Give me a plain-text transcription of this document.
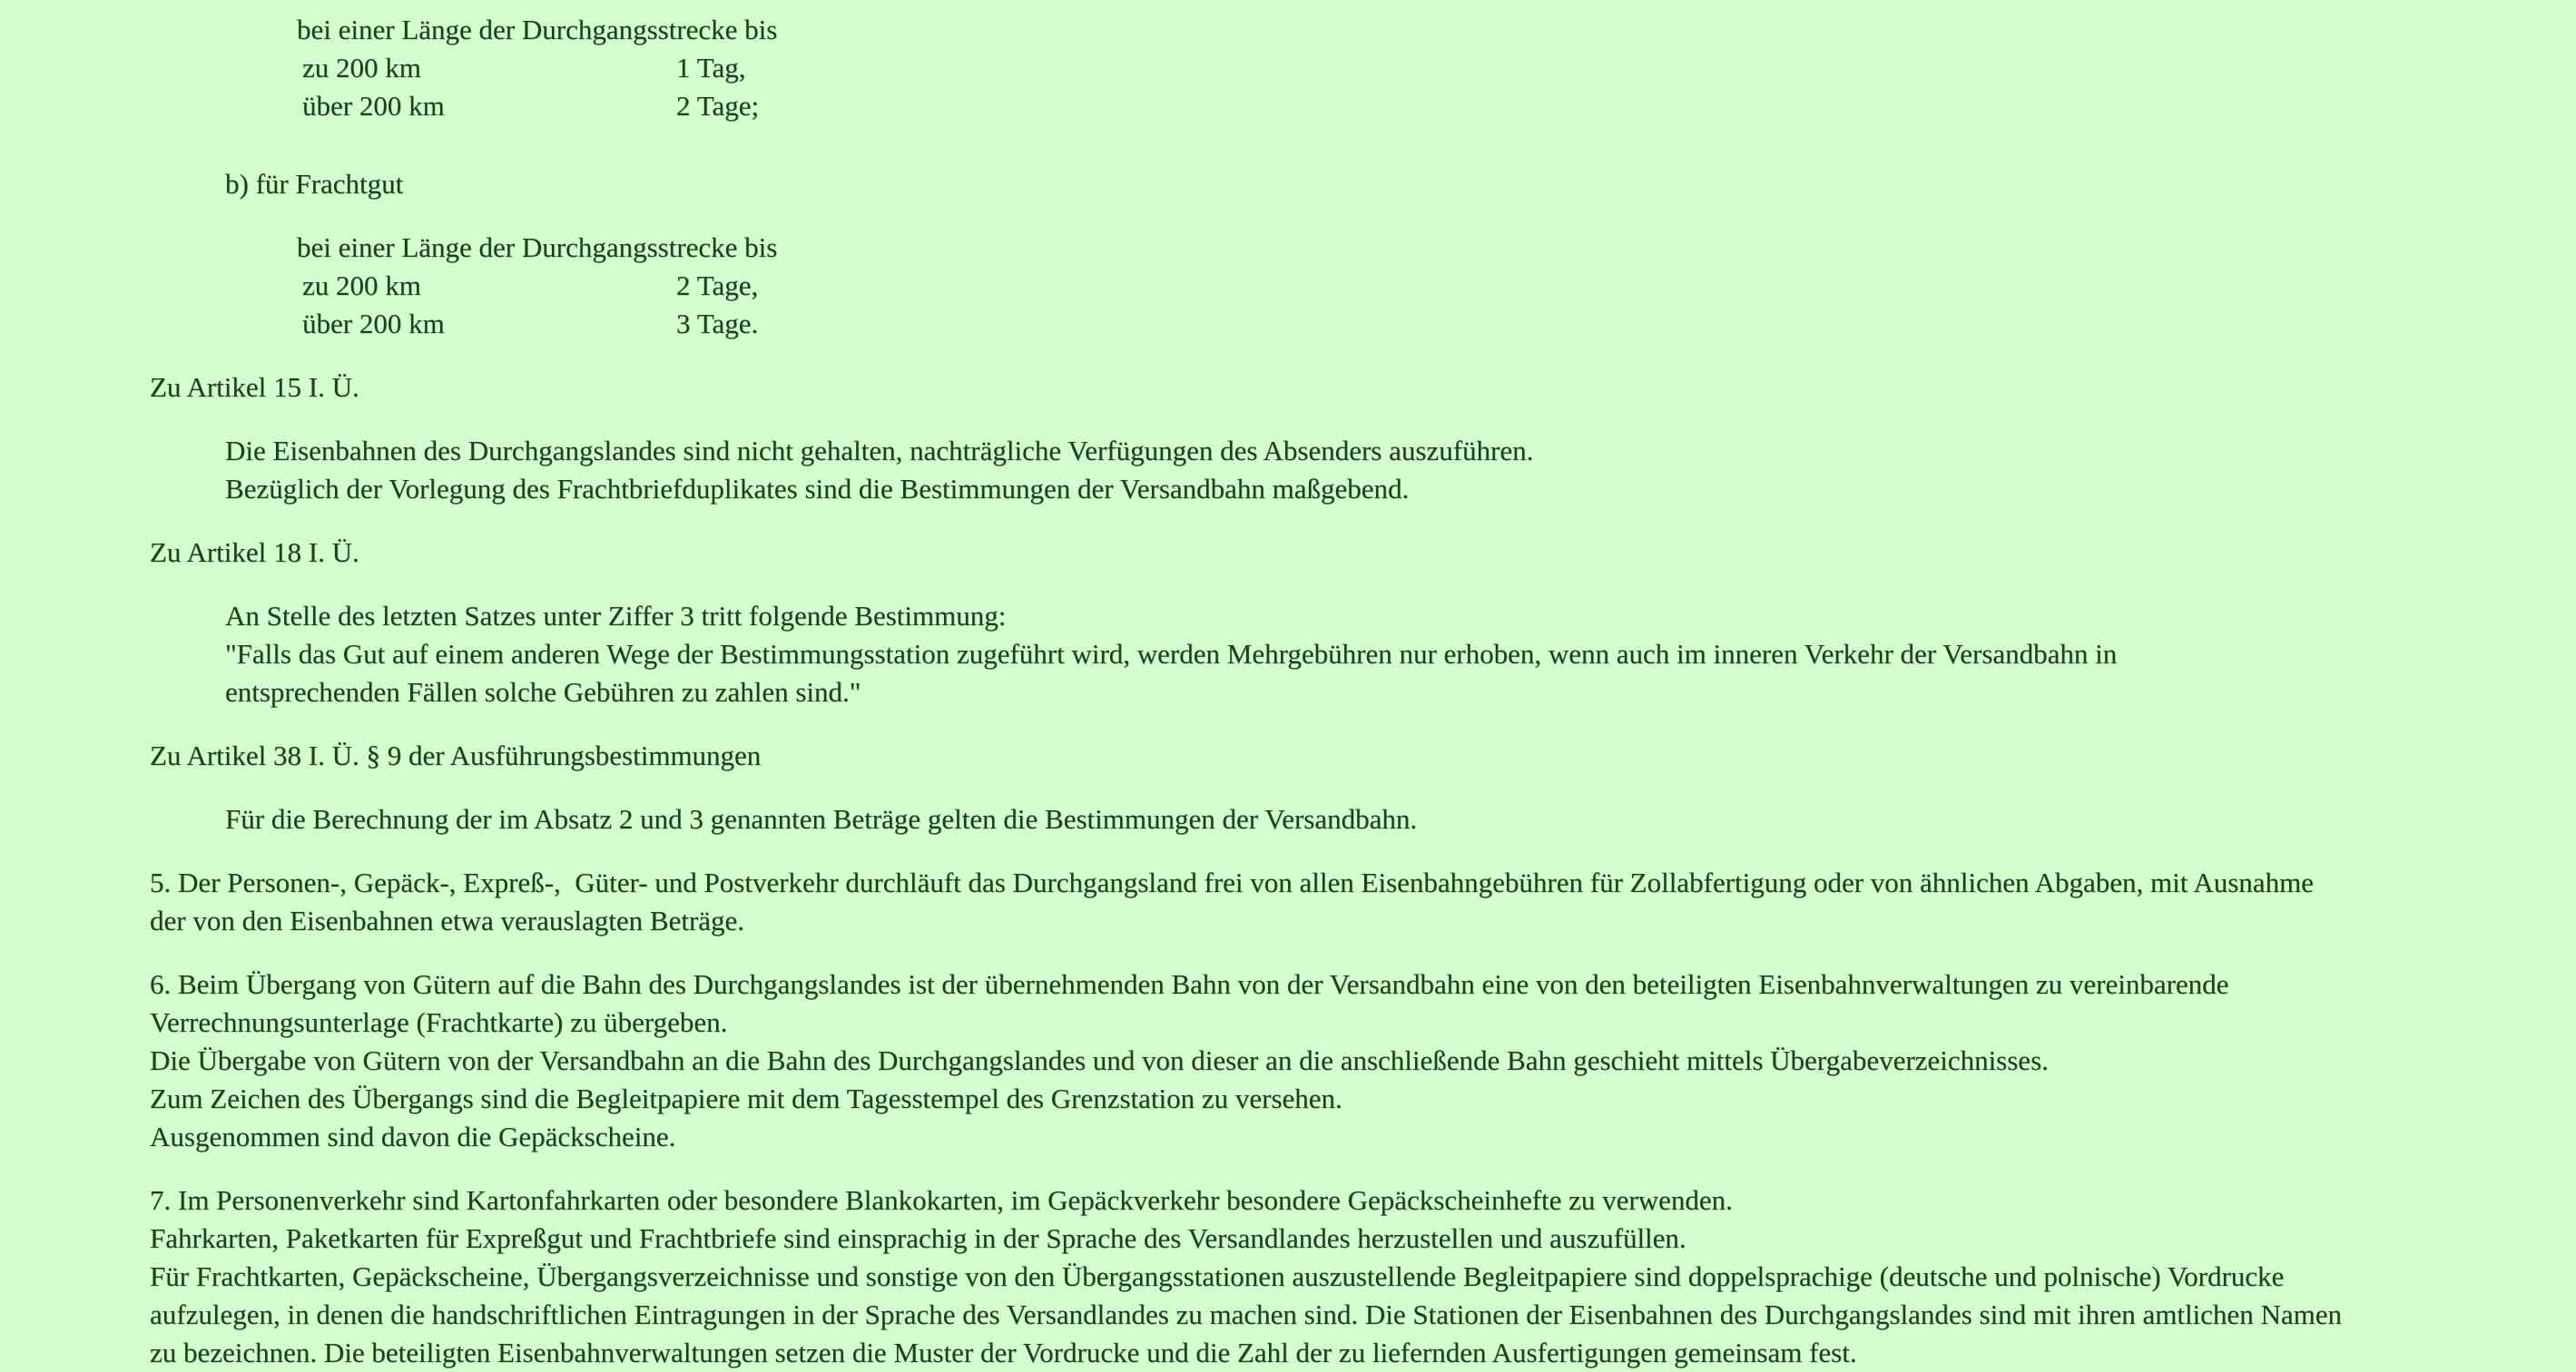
bei einer Länge der Durchgangsstrecke bis
zu 200 km	1 Tag,
über 200 km	2 Tage;
b) für Frachtgut
bei einer Länge der Durchgangsstrecke bis
zu 200 km	2 Tage,
über 200 km	3 Tage.
Zu Artikel 15 I. Ü.
Die Eisenbahnen des Durchgangslandes sind nicht gehalten, nachträgliche Verfügungen des Absenders auszuführen.
Bezüglich der Vorlegung des Frachtbriefduplikates sind die Bestimmungen der Versandbahn maßgebend.
Zu Artikel 18 I. Ü.
An Stelle des letzten Satzes unter Ziffer 3 tritt folgende Bestimmung:
"Falls das Gut auf einem anderen Wege der Bestimmungsstation zugeführt wird, werden Mehrgebühren nur erhoben, wenn auch im inneren Verkehr der Versandbahn in
entsprechenden Fällen solche Gebühren zu zahlen sind."
Zu Artikel 38 I. Ü. § 9 der Ausführungsbestimmungen
Für die Berechnung der im Absatz 2 und 3 genannten Beträge gelten die Bestimmungen der Versandbahn.
5. Der Personen-, Gepäck-, Expreß-,  Güter- und Postverkehr durchläuft das Durchgangsland frei von allen Eisenbahngebühren für Zollabfertigung oder von ähnlichen Abgaben, mit Ausnahme
der von den Eisenbahnen etwa verauslagten Beträge.
6. Beim Übergang von Gütern auf die Bahn des Durchgangslandes ist der übernehmenden Bahn von der Versandbahn eine von den beteiligten Eisenbahnverwaltungen zu vereinbarende
Verrechnungsunterlage (Frachtkarte) zu übergeben.
Die Übergabe von Gütern von der Versandbahn an die Bahn des Durchgangslandes und von dieser an die anschließende Bahn geschieht mittels Übergabeverzeichnisses.
Zum Zeichen des Übergangs sind die Begleitpapiere mit dem Tagesstempel des Grenzstation zu versehen.
Ausgenommen sind davon die Gepäckscheine.
7. Im Personenverkehr sind Kartonfahrkarten oder besondere Blankokarten, im Gepäckverkehr besondere Gepäckscheinhefte zu verwenden.
Fahrkarten, Paketkarten für Expreßgut und Frachtbriefe sind einsprachig in der Sprache des Versandlandes herzustellen und auszufüllen.
Für Frachtkarten, Gepäckscheine, Übergangsverzeichnisse und sonstige von den Übergangsstationen auszustellende Begleitpapiere sind doppelsprachige (deutsche und polnische) Vordrucke
aufzulegen, in denen die handschriftlichen Eintragungen in der Sprache des Versandlandes zu machen sind. Die Stationen der Eisenbahnen des Durchgangslandes sind mit ihren amtlichen Namen
zu bezeichnen. Die beteiligten Eisenbahnverwaltungen setzen die Muster der Vordrucke und die Zahl der zu liefernden Ausfertigungen gemeinsam fest.
